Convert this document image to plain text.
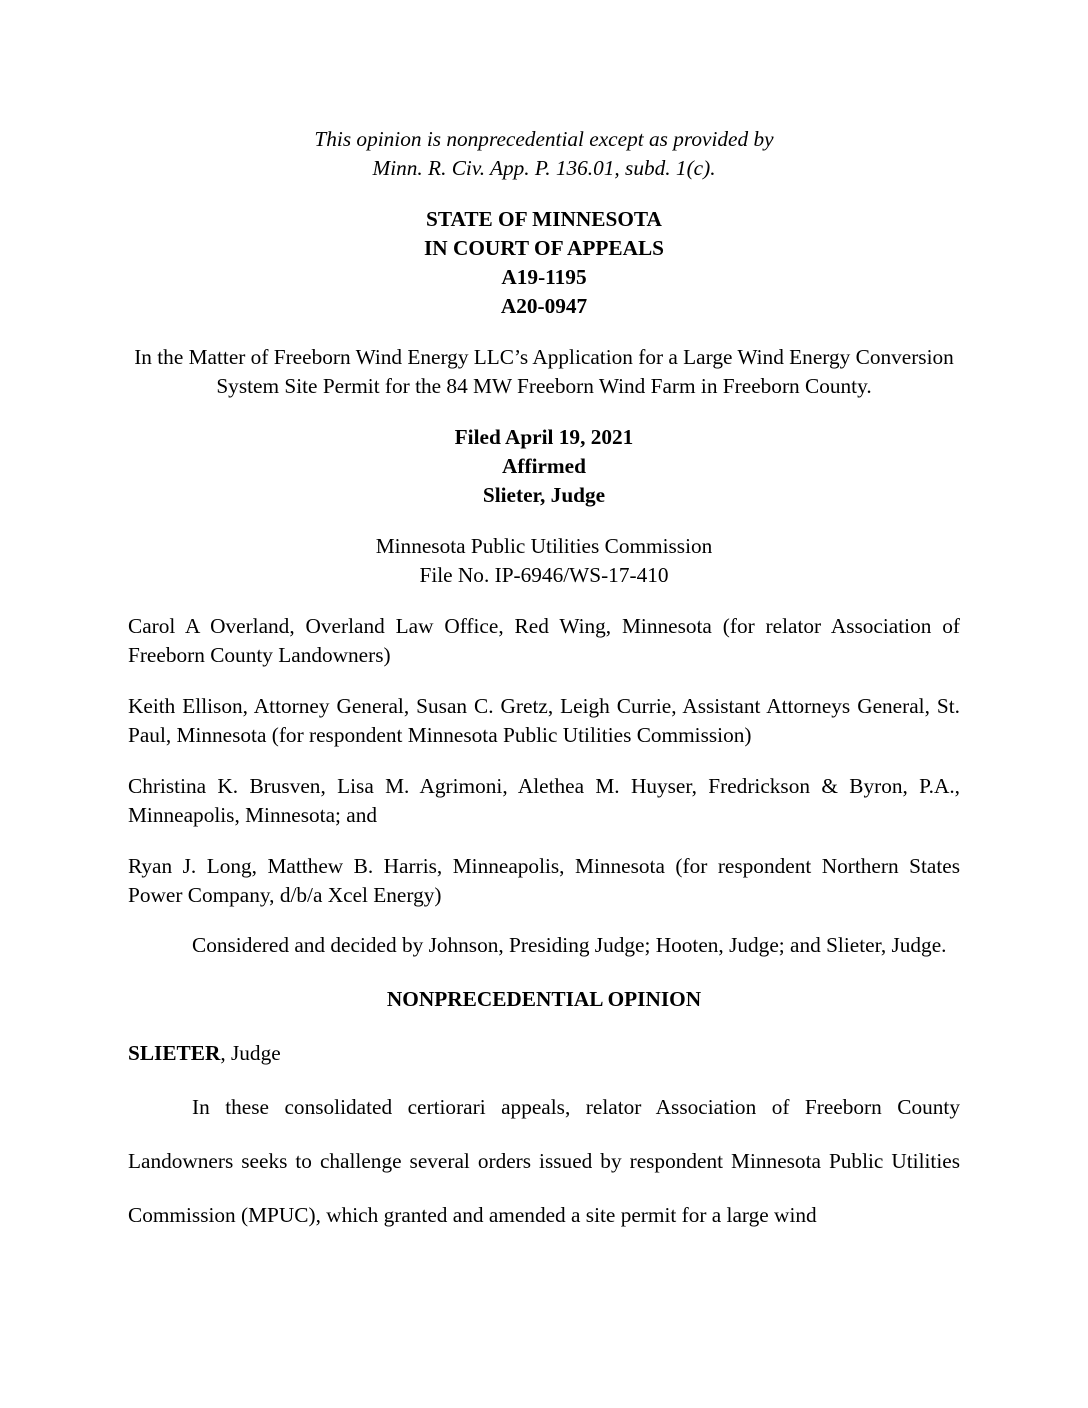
This opinion is nonprecedential except as provided by

Minn. R. Civ. App. P. 136.01, subd. 1(c).

STATE OF MINNESOTA

IN COURT OF APPEALS

A19-1195

A20-0947

In the Matter of Freeborn Wind Energy LLC’s Application for a Large Wind Energy Conversion System Site Permit for the 84 MW Freeborn Wind Farm in Freeborn County.

Filed April 19, 2021

Affirmed

Slieter, Judge

Minnesota Public Utilities Commission

File No. IP-6946/WS-17-410

Carol A Overland, Overland Law Office, Red Wing, Minnesota (for relator Association of Freeborn County Landowners)

Keith Ellison, Attorney General, Susan C. Gretz, Leigh Currie, Assistant Attorneys General, St. Paul, Minnesota (for respondent Minnesota Public Utilities Commission)

Christina K. Brusven, Lisa M. Agrimoni, Alethea M. Huyser, Fredrickson & Byron, P.A., Minneapolis, Minnesota; and

Ryan J. Long, Matthew B. Harris, Minneapolis, Minnesota (for respondent Northern States Power Company, d/b/a Xcel Energy)

Considered and decided by Johnson, Presiding Judge; Hooten, Judge; and Slieter, Judge.

NONPRECEDENTIAL OPINION

SLIETER, Judge

In these consolidated certiorari appeals, relator Association of Freeborn County Landowners seeks to challenge several orders issued by respondent Minnesota Public Utilities Commission (MPUC), which granted and amended a site permit for a large wind
